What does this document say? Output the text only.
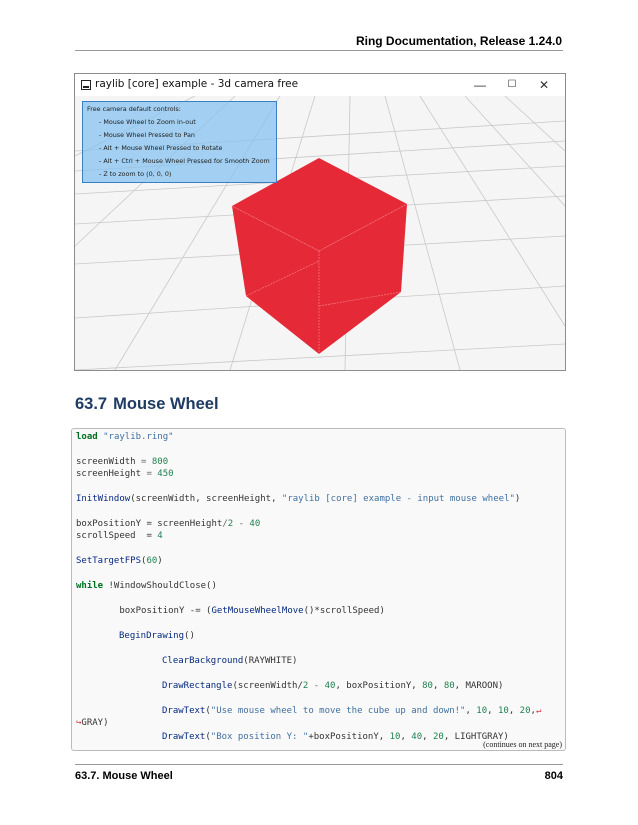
Ring Documentation, Release 1.24.0
raylib [core] example - 3d camera free	—	☐	✕
Free camera default controls:
- Mouse Wheel to Zoom in-out
- Mouse Wheel Pressed to Pan
- Alt + Mouse Wheel Pressed to Rotate
- Alt + Ctrl + Mouse Wheel Pressed for Smooth Zoom
- Z to zoom to (0, 0, 0)
63.7 Mouse Wheel
load "raylib.ring"
screenWidth = 800
screenHeight = 450
InitWindow(screenWidth, screenHeight, "raylib [core] example - input mouse wheel")
boxPositionY = screenHeight/2 - 40
scrollSpeed  = 4
SetTargetFPS(60)
while !WindowShouldClose()
boxPositionY -= (GetMouseWheelMove()*scrollSpeed)
BeginDrawing()
ClearBackground(RAYWHITE)
DrawRectangle(screenWidth/2 - 40, boxPositionY, 80, 80, MAROON)
DrawText("Use mouse wheel to move the cube up and down!", 10, 10, 20,↵
↪GRAY)
DrawText("Box position Y: "+boxPositionY, 10, 40, 20, LIGHTGRAY)
(continues on next page)
63.7. Mouse Wheel	804
